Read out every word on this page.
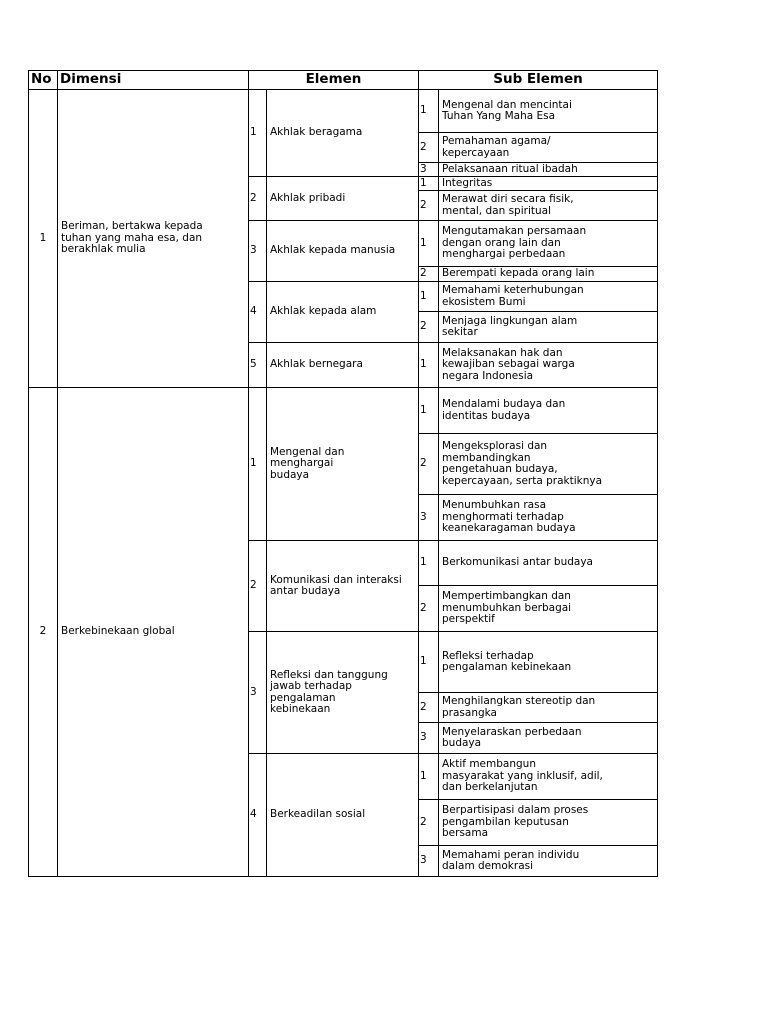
No	Dimensi	Elemen		Sub Elemen	
1	Beriman, bertakwa kepada
tuhan yang maha esa, dan
berakhlak mulia	1	Akhlak beragama	1	Mengenal dan mencintai
Tuhan Yang Maha Esa

				2	Pemahaman agama/
kepercayaan

				3	Pelaksanaan ritual ibadah

		2	Akhlak pribadi	1	Integritas

				2	Merawat diri secara fisik,
mental, dan spiritual

		3	Akhlak kepada manusia	1	Mengutamakan persamaan
dengan orang lain dan
menghargai perbedaan

				2	Berempati kepada orang lain

		4	Akhlak kepada alam	1	Memahami keterhubungan
ekosistem Bumi

				2	Menjaga lingkungan alam
sekitar

		5	Akhlak bernegara	1	Melaksanakan hak dan
kewajiban sebagai warga
negara Indonesia

2	Berkebinekaan global	1	Mengenal dan
menghargai
budaya	1	Mendalami budaya dan
identitas budaya

				2	Mengeksplorasi dan
membandingkan
pengetahuan budaya,
kepercayaan, serta praktiknya

				3	Menumbuhkan rasa
menghormati terhadap
keanekaragaman budaya

		2	Komunikasi dan interaksi
antar budaya	1	Berkomunikasi antar budaya

				2	Mempertimbangkan dan
menumbuhkan berbagai
perspektif

		3	Refleksi dan tanggung
jawab terhadap
pengalaman
kebinekaan	1	Refleksi terhadap
pengalaman kebinekaan

				2	Menghilangkan stereotip dan
prasangka

				3	Menyelaraskan perbedaan
budaya

		4	Berkeadilan sosial	1	Aktif membangun
masyarakat yang inklusif, adil,
dan berkelanjutan

				2	Berpartisipasi dalam proses
pengambilan keputusan
bersama

				3	Memahami peran individu
dalam demokrasi
